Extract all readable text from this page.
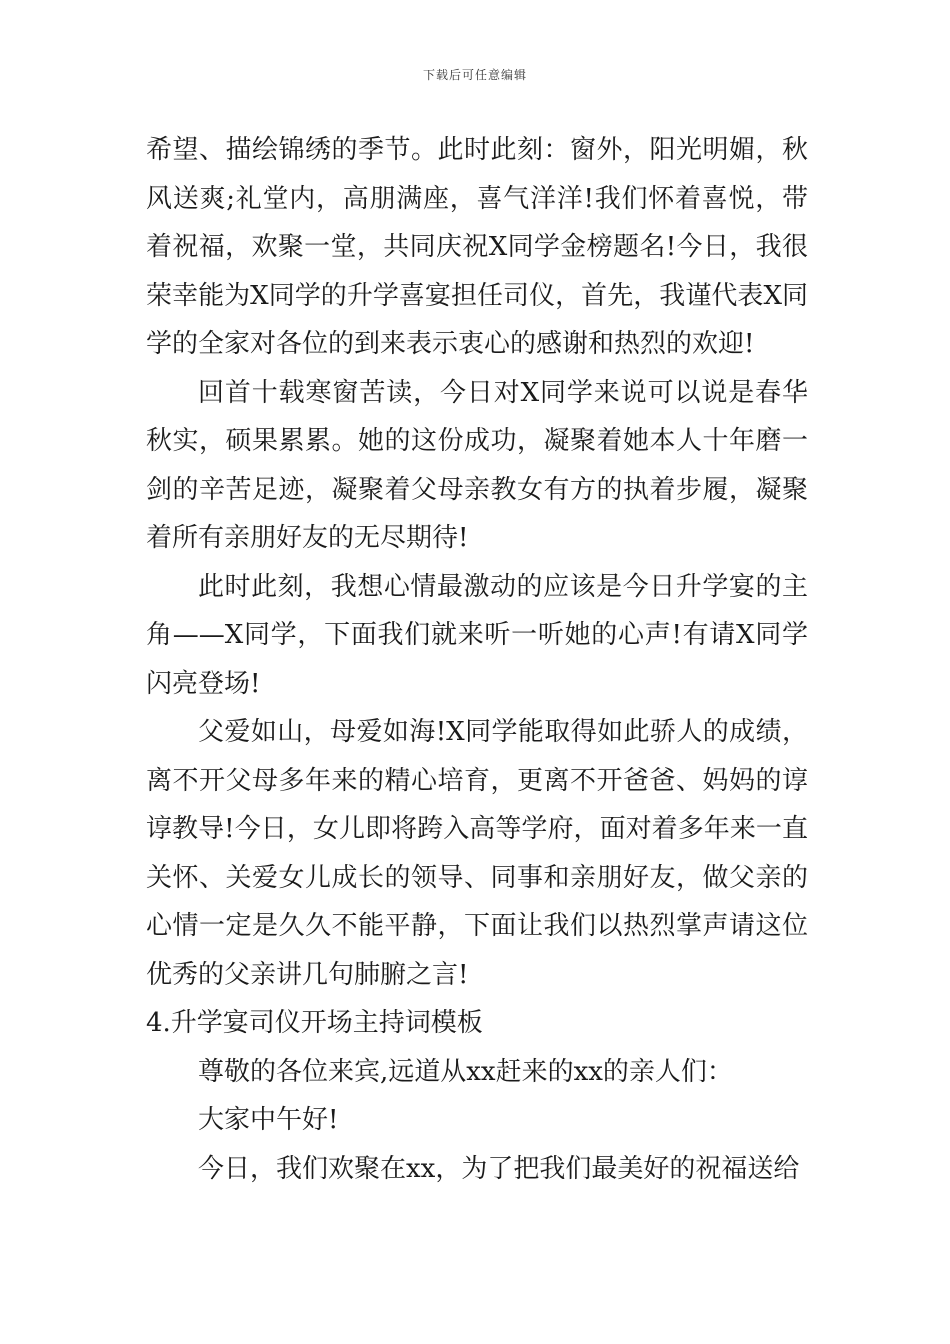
下载后可任意编辑

希望、描绘锦绣的季节。此时此刻：窗外，阳光明媚，秋风送爽;礼堂内，高朋满座，喜气洋洋!我们怀着喜悦，带着祝福，欢聚一堂，共同庆祝X同学金榜题名!今日，我很荣幸能为X同学的升学喜宴担任司仪，首先，我谨代表X同学的全家对各位的到来表示衷心的感谢和热烈的欢迎!

回首十载寒窗苦读，今日对X同学来说可以说是春华秋实，硕果累累。她的这份成功，凝聚着她本人十年磨一剑的辛苦足迹，凝聚着父母亲教女有方的执着步履，凝聚着所有亲朋好友的无尽期待!

此时此刻，我想心情最激动的应该是今日升学宴的主角——X同学，下面我们就来听一听她的心声!有请X同学闪亮登场!

父爱如山，母爱如海!X同学能取得如此骄人的成绩，离不开父母多年来的精心培育，更离不开爸爸、妈妈的谆谆教导!今日，女儿即将跨入高等学府，面对着多年来一直关怀、关爱女儿成长的领导、同事和亲朋好友，做父亲的心情一定是久久不能平静，下面让我们以热烈掌声请这位优秀的父亲讲几句肺腑之言!

4.升学宴司仪开场主持词模板

尊敬的各位来宾,远道从xx赶来的xx的亲人们：

大家中午好!

今日，我们欢聚在xx，为了把我们最美好的祝福送给
